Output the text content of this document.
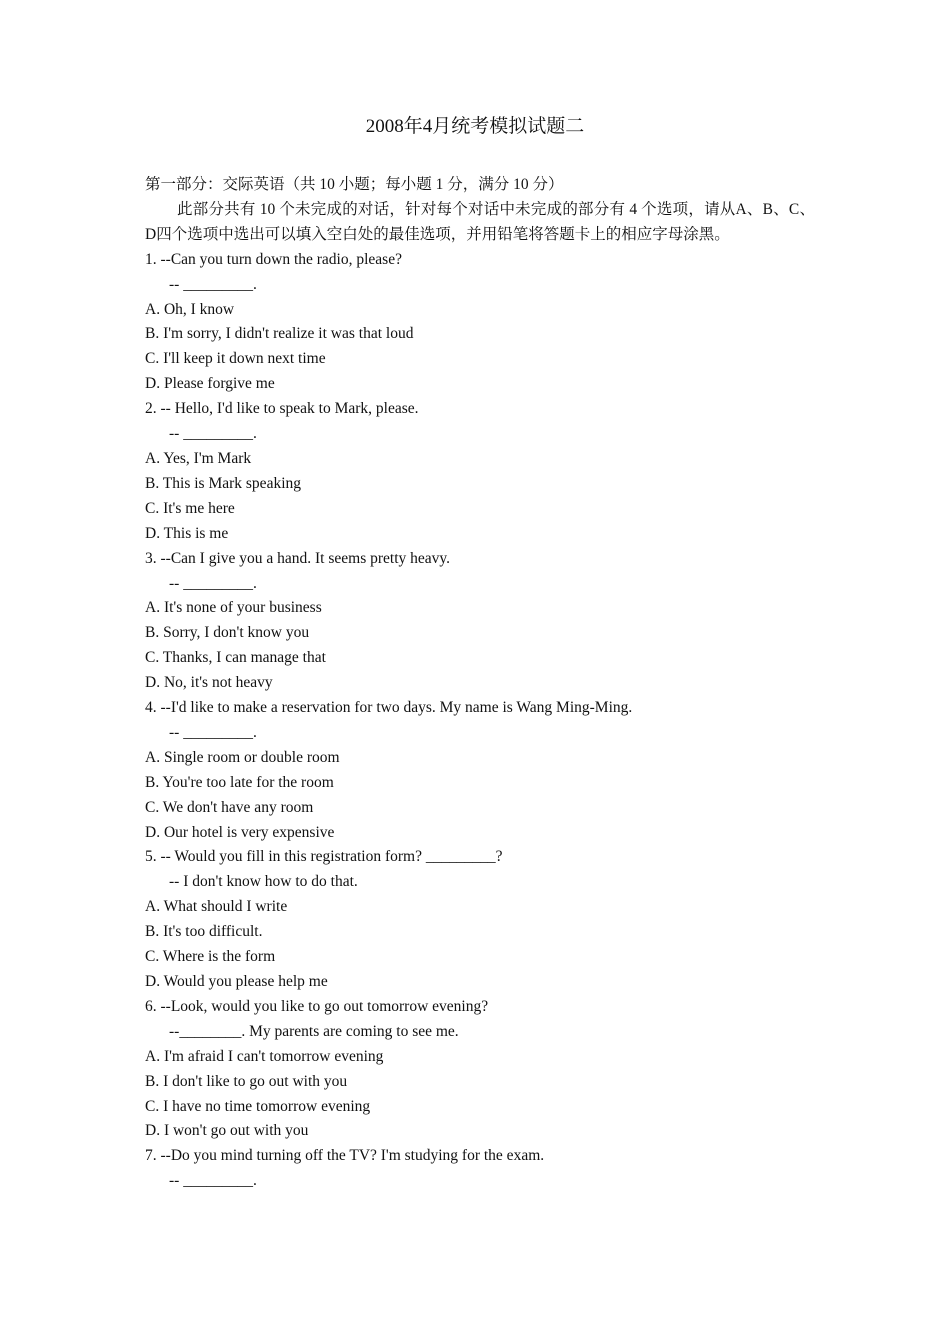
2008年4月统考模拟试题二
第一部分：交际英语（共 10 小题；每小题 1 分，满分 10 分）
此部分共有 10 个未完成的对话，针对每个对话中未完成的部分有 4 个选项，请从A、B、C、D四个选项中选出可以填入空白处的最佳选项，并用铅笔将答题卡上的相应字母涂黑。
1. --Can you turn down the radio, please?
-- _________.
A. Oh, I know
B. I'm sorry, I didn't realize it was that loud
C. I'll keep it down next time
D. Please forgive me
2. -- Hello, I'd like to speak to Mark, please.
-- _________.
A. Yes, I'm Mark
B. This is Mark speaking
C. It's me here
D. This is me
3. --Can I give you a hand. It seems pretty heavy.
-- _________.
A. It's none of your business
B. Sorry, I don't know you
C. Thanks, I can manage that
D. No, it's not heavy
4. --I'd like to make a reservation for two days. My name is Wang Ming-Ming.
-- _________.
A. Single room or double room
B. You're too late for the room
C. We don't have any room
D. Our hotel is very expensive
5. -- Would you fill in this registration form? _________?
-- I don't know how to do that.
A. What should I write
B. It's too difficult.
C. Where is the form
D. Would you please help me
6. --Look, would you like to go out tomorrow evening?
--________. My parents are coming to see me.
A. I'm afraid I can't tomorrow evening
B. I don't like to go out with you
C. I have no time tomorrow evening
D. I won't go out with you
7. --Do you mind turning off the TV? I'm studying for the exam.
-- _________.
